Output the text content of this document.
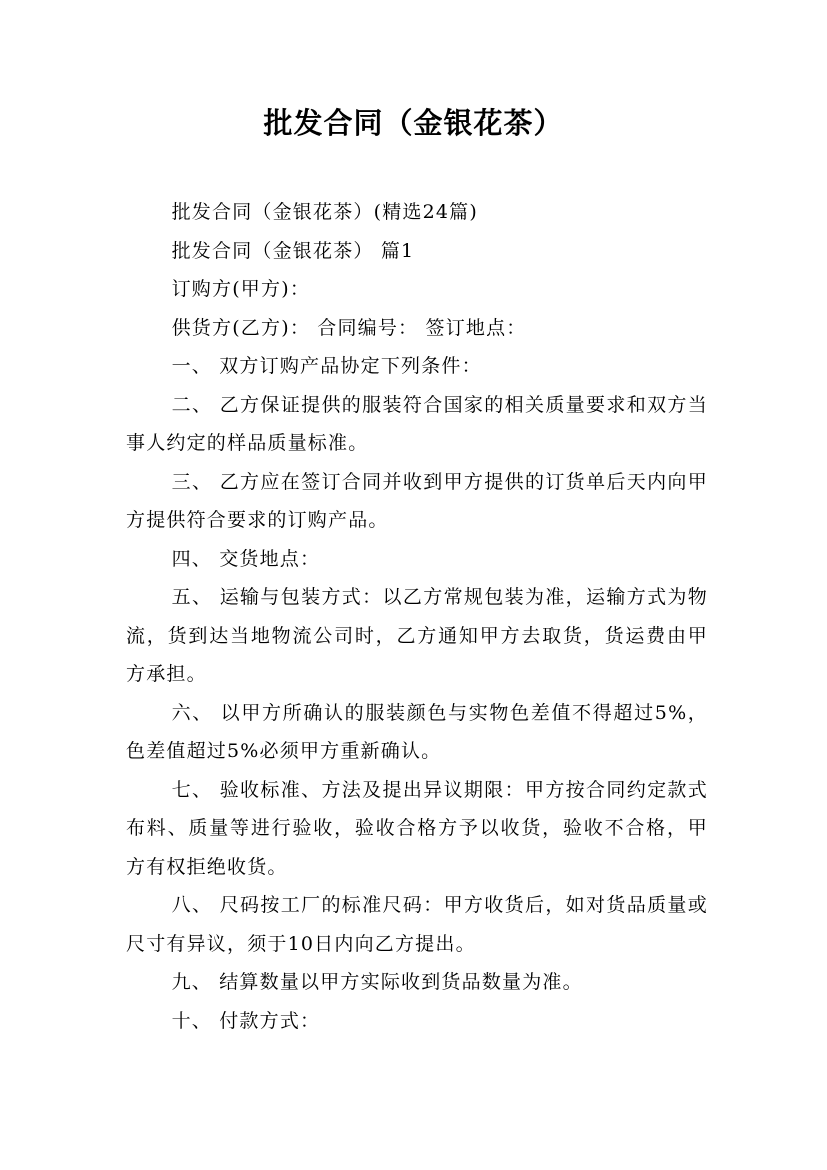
批发合同（金银花茶）

批发合同（金银花茶）(精选24篇)

批发合同（金银花茶） 篇1

订购方(甲方)：

供货方(乙方)： 合同编号： 签订地点：

一、 双方订购产品协定下列条件：

二、 乙方保证提供的服装符合国家的相关质量要求和双方当事人约定的样品质量标准。

三、 乙方应在签订合同并收到甲方提供的订货单后天内向甲方提供符合要求的订购产品。

四、 交货地点：

五、 运输与包装方式：以乙方常规包装为准，运输方式为物流，货到达当地物流公司时，乙方通知甲方去取货，货运费由甲方承担。

六、 以甲方所确认的服装颜色与实物色差值不得超过5%，色差值超过5%必须甲方重新确认。

七、 验收标准、方法及提出异议期限：甲方按合同约定款式布料、质量等进行验收，验收合格方予以收货，验收不合格，甲方有权拒绝收货。

八、 尺码按工厂的标准尺码：甲方收货后，如对货品质量或尺寸有异议，须于10日内向乙方提出。

九、 结算数量以甲方实际收到货品数量为准。

十、 付款方式：
